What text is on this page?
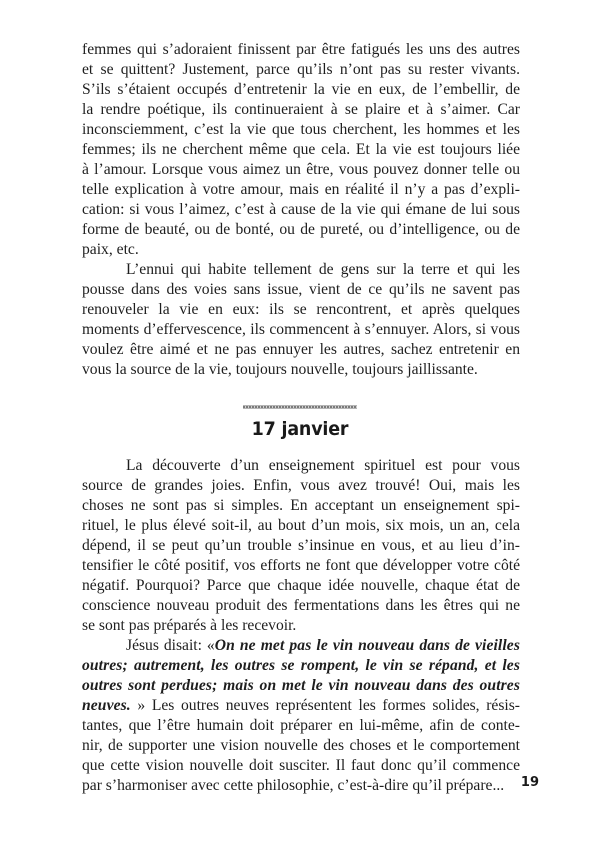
femmes qui s’adoraient finissent par être fatigués les uns des autres
et se quittent? Justement, parce qu’ils n’ont pas su rester vivants.
S’ils s’étaient occupés d’entretenir la vie en eux, de l’embellir, de
la rendre poétique, ils continueraient à se plaire et à s’aimer. Car
inconsciemment, c’est la vie que tous cherchent, les hommes et les
femmes; ils ne cherchent même que cela. Et la vie est toujours liée
à l’amour. Lorsque vous aimez un être, vous pouvez donner telle ou
telle explication à votre amour, mais en réalité il n’y a pas d’expli-
cation: si vous l’aimez, c’est à cause de la vie qui émane de lui sous
forme de beauté, ou de bonté, ou de pureté, ou d’intelligence, ou de
paix, etc.
L’ennui qui habite tellement de gens sur la terre et qui les
pousse dans des voies sans issue, vient de ce qu’ils ne savent pas
renouveler la vie en eux: ils se rencontrent, et après quelques
moments d’effervescence, ils commencent à s’ennuyer. Alors, si vous
voulez être aimé et ne pas ennuyer les autres, sachez entretenir en
vous la source de la vie, toujours nouvelle, toujours jaillissante.
17 janvier
La découverte d’un enseignement spirituel est pour vous
source de grandes joies. Enfin, vous avez trouvé! Oui, mais les
choses ne sont pas si simples. En acceptant un enseignement spi-
rituel, le plus élevé soit-il, au bout d’un mois, six mois, un an, cela
dépend, il se peut qu’un trouble s’insinue en vous, et au lieu d’in-
tensifier le côté positif, vos efforts ne font que développer votre côté
négatif. Pourquoi? Parce que chaque idée nouvelle, chaque état de
conscience nouveau produit des fermentations dans les êtres qui ne
se sont pas préparés à les recevoir.
Jésus disait: «On ne met pas le vin nouveau dans de vieilles
outres; autrement, les outres se rompent, le vin se répand, et les
outres sont perdues; mais on met le vin nouveau dans des outres
neuves. » Les outres neuves représentent les formes solides, résis-
tantes, que l’être humain doit préparer en lui-même, afin de conte-
nir, de supporter une vision nouvelle des choses et le comportement
que cette vision nouvelle doit susciter. Il faut donc qu’il commence
par s’harmoniser avec cette philosophie, c’est-à-dire qu’il prépare...	19
